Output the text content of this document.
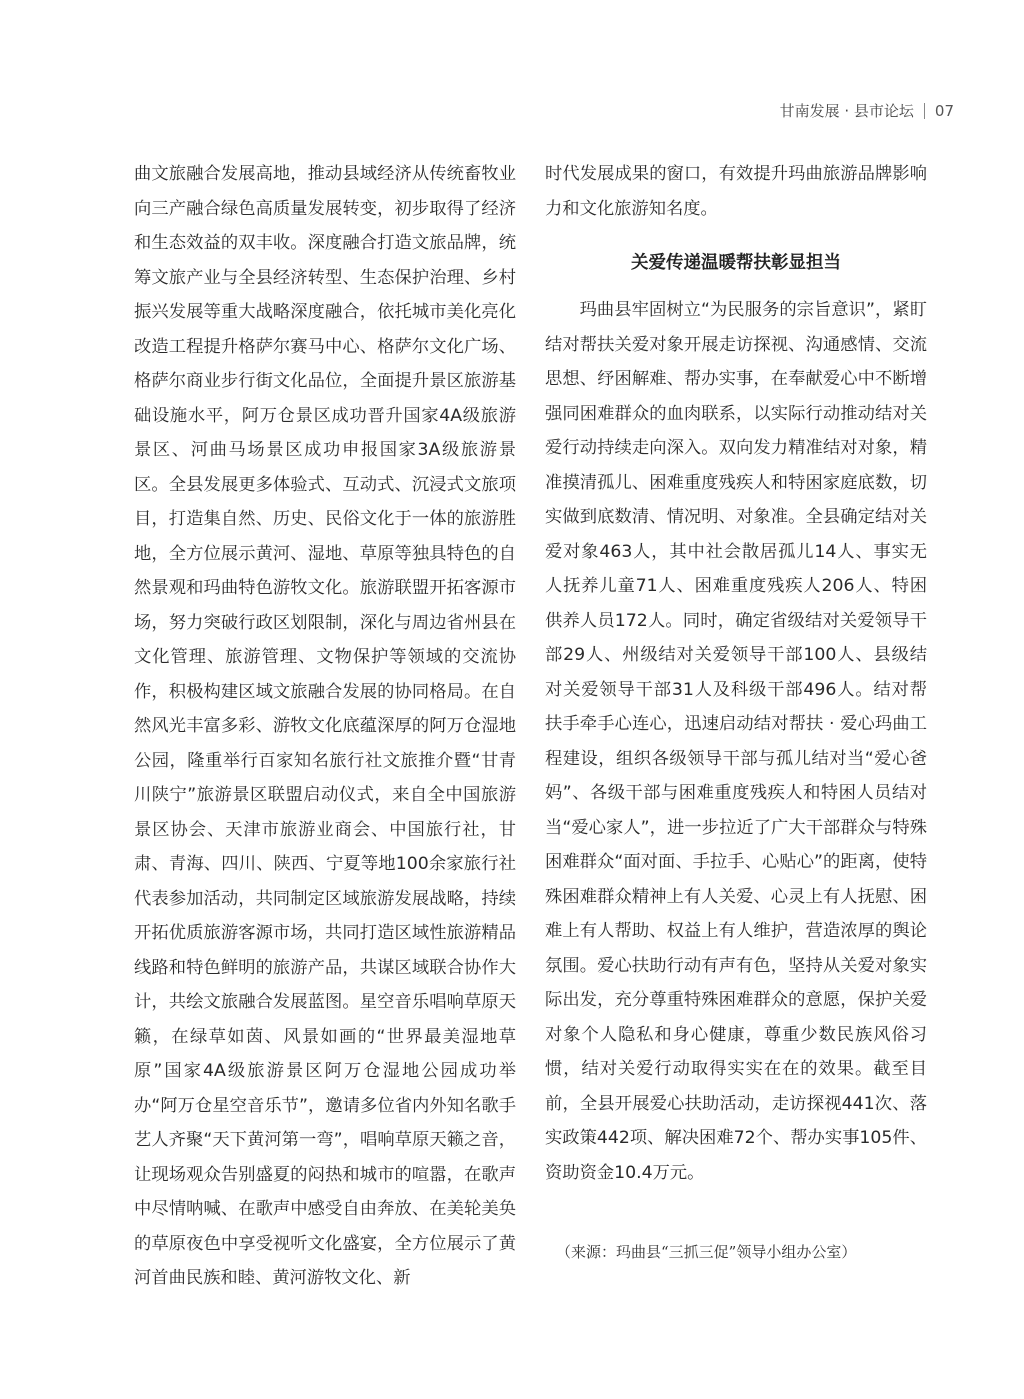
甘南发展 · 县市论坛 07

曲文旅融合发展高地，推动县域经济从传统畜牧业向三产融合绿色高质量发展转变，初步取得了经济和生态效益的双丰收。深度融合打造文旅品牌，统筹文旅产业与全县经济转型、生态保护治理、乡村振兴发展等重大战略深度融合，依托城市美化亮化改造工程提升格萨尔赛马中心、格萨尔文化广场、格萨尔商业步行街文化品位，全面提升景区旅游基础设施水平，阿万仓景区成功晋升国家4A级旅游景区、河曲马场景区成功申报国家3A级旅游景区。全县发展更多体验式、互动式、沉浸式文旅项目，打造集自然、历史、民俗文化于一体的旅游胜地，全方位展示黄河、湿地、草原等独具特色的自然景观和玛曲特色游牧文化。旅游联盟开拓客源市场，努力突破行政区划限制，深化与周边省州县在文化管理、旅游管理、文物保护等领域的交流协作，积极构建区域文旅融合发展的协同格局。在自然风光丰富多彩、游牧文化底蕴深厚的阿万仓湿地公园，隆重举行百家知名旅行社文旅推介暨“甘青川陕宁”旅游景区联盟启动仪式，来自全中国旅游景区协会、天津市旅游业商会、中国旅行社，甘肃、青海、四川、陕西、宁夏等地100余家旅行社代表参加活动，共同制定区域旅游发展战略，持续开拓优质旅游客源市场，共同打造区域性旅游精品线路和特色鲜明的旅游产品，共谋区域联合协作大计，共绘文旅融合发展蓝图。星空音乐唱响草原天籁，在绿草如茵、风景如画的“世界最美湿地草原”国家4A级旅游景区阿万仓湿地公园成功举办“阿万仓星空音乐节”，邀请多位省内外知名歌手艺人齐聚“天下黄河第一弯”，唱响草原天籁之音，让现场观众告别盛夏的闷热和城市的喧嚣，在歌声中尽情呐喊、在歌声中感受自由奔放、在美轮美奂的草原夜色中享受视听文化盛宴，全方位展示了黄河首曲民族和睦、黄河游牧文化、新

时代发展成果的窗口，有效提升玛曲旅游品牌影响力和文化旅游知名度。

关爱传递温暖帮扶彰显担当

玛曲县牢固树立“为民服务的宗旨意识”，紧盯结对帮扶关爱对象开展走访探视、沟通感情、交流思想、纾困解难、帮办实事，在奉献爱心中不断增强同困难群众的血肉联系，以实际行动推动结对关爱行动持续走向深入。双向发力精准结对对象，精准摸清孤儿、困难重度残疾人和特困家庭底数，切实做到底数清、情况明、对象准。全县确定结对关爱对象463人，其中社会散居孤儿14人、事实无人抚养儿童71人、困难重度残疾人206人、特困供养人员172人。同时，确定省级结对关爱领导干部29人、州级结对关爱领导干部100人、县级结对关爱领导干部31人及科级干部496人。结对帮扶手牵手心连心，迅速启动结对帮扶 · 爱心玛曲工程建设，组织各级领导干部与孤儿结对当“爱心爸妈”、各级干部与困难重度残疾人和特困人员结对当“爱心家人”，进一步拉近了广大干部群众与特殊困难群众“面对面、手拉手、心贴心”的距离，使特殊困难群众精神上有人关爱、心灵上有人抚慰、困难上有人帮助、权益上有人维护，营造浓厚的舆论氛围。爱心扶助行动有声有色，坚持从关爱对象实际出发，充分尊重特殊困难群众的意愿，保护关爱对象个人隐私和身心健康，尊重少数民族风俗习惯，结对关爱行动取得实实在在的效果。截至目前，全县开展爱心扶助活动，走访探视441次、落实政策442项、解决困难72个、帮办实事105件、资助资金10.4万元。

（来源：玛曲县“三抓三促”领导小组办公室）
